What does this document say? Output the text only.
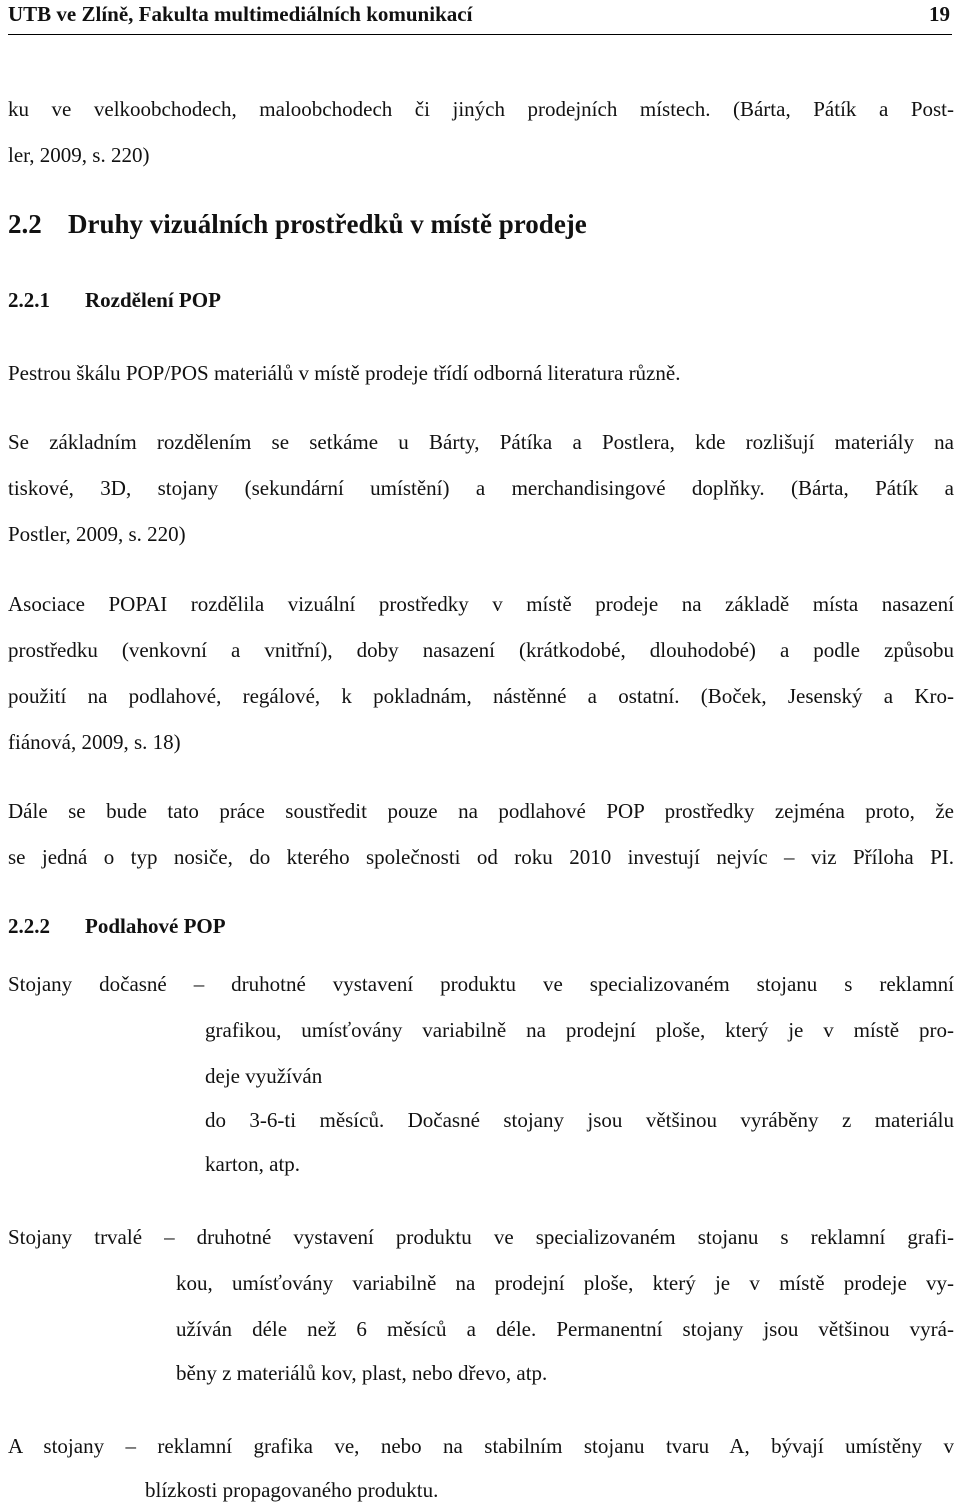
UTB ve Zlíně, Fakulta multimediálních komunikací	19
ku ve velkoobchodech, maloobchodech či jiných prodejních místech. (Bárta, Pátík a Post-
ler, 2009, s. 220)
2.2 Druhy vizuálních prostředků v místě prodeje
2.2.1 Rozdělení POP
Pestrou škálu POP/POS materiálů v místě prodeje třídí odborná literatura různě.
Se základním rozdělením se setkáme u Bárty, Pátíka a Postlera, kde rozlišují materiály na
tiskové, 3D, stojany (sekundární umístění) a merchandisingové doplňky. (Bárta, Pátík a
Postler, 2009, s. 220)
Asociace POPAI rozdělila vizuální prostředky v místě prodeje na základě místa nasazení
prostředku (venkovní a vnitřní), doby nasazení (krátkodobé, dlouhodobé) a podle způsobu
použití na podlahové, regálové, k pokladnám, nástěnné a ostatní. (Boček, Jesenský a Kro-
fiánová, 2009, s. 18)
Dále se bude tato práce soustředit pouze na podlahové POP prostředky zejména proto, že
se jedná o typ nosiče, do kterého společnosti od roku 2010 investují nejvíc – viz Příloha PI.
2.2.2 Podlahové POP
Stojany dočasné – druhotné vystavení produktu ve specializovaném stojanu s reklamní
grafikou, umísťovány variabilně na prodejní ploše, který je v místě pro-
deje využíván
do 3-6-ti měsíců. Dočasné stojany jsou většinou vyráběny z materiálu
karton, atp.
Stojany trvalé – druhotné vystavení produktu ve specializovaném stojanu s reklamní grafi-
kou, umísťovány variabilně na prodejní ploše, který je v místě prodeje vy-
užíván déle než 6 měsíců a déle. Permanentní stojany jsou většinou vyrá-
běny z materiálů kov, plast, nebo dřevo, atp.
A stojany – reklamní grafika ve, nebo na stabilním stojanu tvaru A, bývají umístěny v
blízkosti propagovaného produktu.
